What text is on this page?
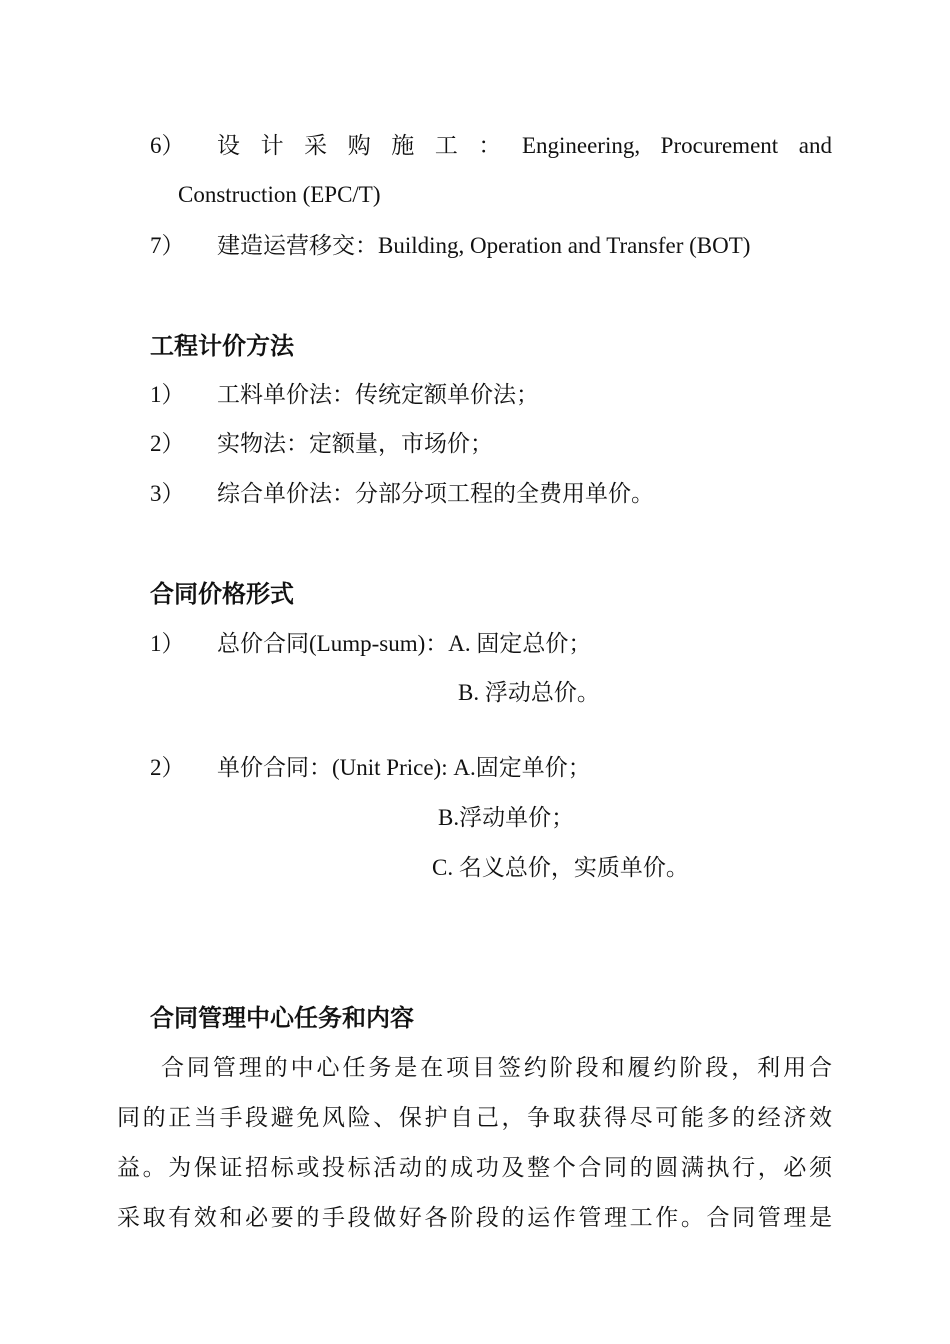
6） 设 计 采 购 施 工 ： Engineering, Procurement and
Construction (EPC/T)
7） 建造运营移交：Building, Operation and Transfer (BOT)
工程计价方法
1） 工料单价法：传统定额单价法；
2） 实物法：定额量，市场价；
3） 综合单价法：分部分项工程的全费用单价。
合同价格形式
1） 总价合同(Lump-sum)：A. 固定总价；
B. 浮动总价。
2） 单价合同：(Unit Price): A.固定单价；
B.浮动单价；
C. 名义总价，实质单价。
合同管理中心任务和内容
合同管理的中心任务是在项目签约阶段和履约阶段，利用合
同的正当手段避免风险、保护自己，争取获得尽可能多的经济效
益。为保证招标或投标活动的成功及整个合同的圆满执行，必须
采取有效和必要的手段做好各阶段的运作管理工作。合同管理是
